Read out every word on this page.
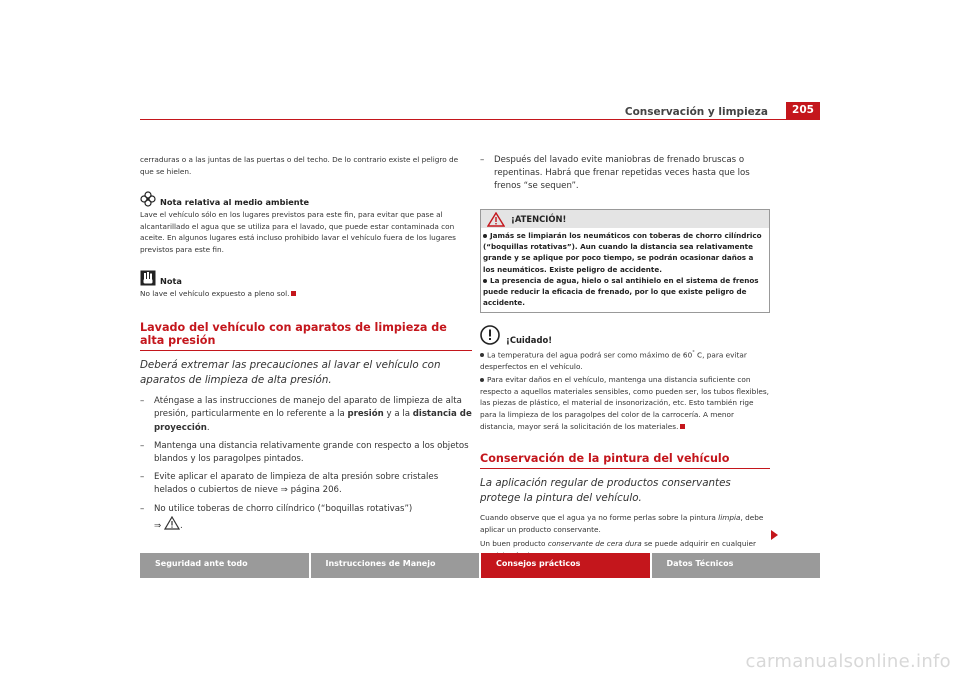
Conservación y limpieza	205

cerraduras o a las juntas de las puertas o del techo. De lo contrario existe el peligro de que se hielen.

Nota relativa al medio ambiente

Lave el vehículo sólo en los lugares previstos para este fin, para evitar que pase al alcantarillado el agua que se utiliza para el lavado, que puede estar contaminada con aceite. En algunos lugares está incluso prohibido lavar el vehículo fuera de los lugares previstos para este fin.

Nota

No lave el vehículo expuesto a pleno sol.

Lavado del vehículo con aparatos de limpieza de alta presión

Deberá extremar las precauciones al lavar el vehículo con aparatos de limpieza de alta presión.

–	Aténgase a las instrucciones de manejo del aparato de limpieza de alta presión, particularmente en lo referente a la presión y a la distancia de proyección.
–	Mantenga una distancia relativamente grande con respecto a los objetos blandos y los paragolpes pintados.
–	Evite aplicar el aparato de limpieza de alta presión sobre cristales helados o cubiertos de nieve ⇒ página 206.
–	No utilice toberas de chorro cilíndrico (“boquillas rotativas”)
⇒ .
–	Después del lavado evite maniobras de frenado bruscas o repentinas. Habrá que frenar repetidas veces hasta que los frenos “se sequen”.
¡ATENCIÓN!
Jamás se limpiarán los neumáticos con toberas de chorro cilíndrico (“boquillas rotativas”). Aun cuando la distancia sea relativamente grande y se aplique por poco tiempo, se podrán ocasionar daños a los neumáticos. Existe peligro de accidente.
La presencia de agua, hielo o sal antihielo en el sistema de frenos puede reducir la eficacia de frenado, por lo que existe peligro de accidente.
¡Cuidado!

La temperatura del agua podrá ser como máximo de 60° C, para evitar desperfectos en el vehículo.

Para evitar daños en el vehículo, mantenga una distancia suficiente con respecto a aquellos materiales sensibles, como pueden ser, los tubos flexibles, las piezas de plástico, el material de insonorización, etc. Esto también rige para la limpieza de los paragolpes del color de la carrocería. A menor distancia, mayor será la solicitación de los materiales.

Conservación de la pintura del vehículo

La aplicación regular de productos conservantes protege la pintura del vehículo.

Cuando observe que el agua ya no forme perlas sobre la pintura limpia, debe aplicar un producto conservante.

Un buen producto conservante de cera dura se puede adquirir en cualquier

Seguridad ante todo	Instrucciones de Manejo	Consejos prácticos	Datos Técnicos
carmanualsonline.info
